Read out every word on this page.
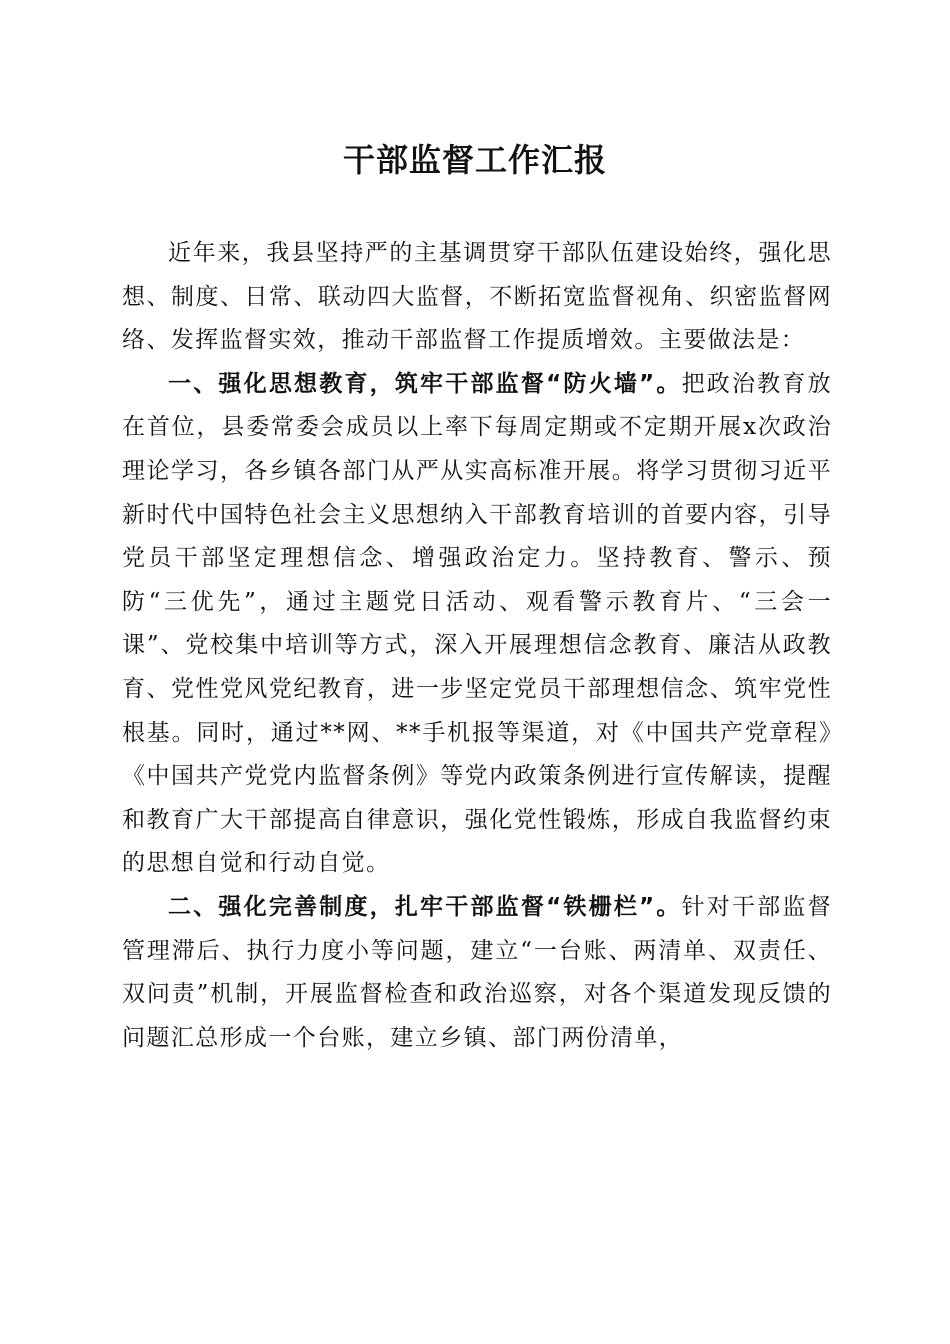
干部监督工作汇报

近年来，我县坚持严的主基调贯穿干部队伍建设始终，强化思想、制度、日常、联动四大监督，不断拓宽监督视角、织密监督网络、发挥监督实效，推动干部监督工作提质增效。主要做法是：

一、强化思想教育，筑牢干部监督“防火墙”。把政治教育放在首位，县委常委会成员以上率下每周定期或不定期开展x次政治理论学习，各乡镇各部门从严从实高标准开展。将学习贯彻习近平新时代中国特色社会主义思想纳入干部教育培训的首要内容，引导党员干部坚定理想信念、增强政治定力。坚持教育、警示、预防“三优先”，通过主题党日活动、观看警示教育片、“三会一课”、党校集中培训等方式，深入开展理想信念教育、廉洁从政教育、党性党风党纪教育，进一步坚定党员干部理想信念、筑牢党性根基。同时，通过**网、**手机报等渠道，对《中国共产党章程》《中国共产党党内监督条例》等党内政策条例进行宣传解读，提醒和教育广大干部提高自律意识，强化党性锻炼，形成自我监督约束的思想自觉和行动自觉。

二、强化完善制度，扎牢干部监督“铁栅栏”。针对干部监督管理滞后、执行力度小等问题，建立“一台账、两清单、双责任、双问责”机制，开展监督检查和政治巡察，对各个渠道发现反馈的问题汇总形成一个台账，建立乡镇、部门两份清单，
